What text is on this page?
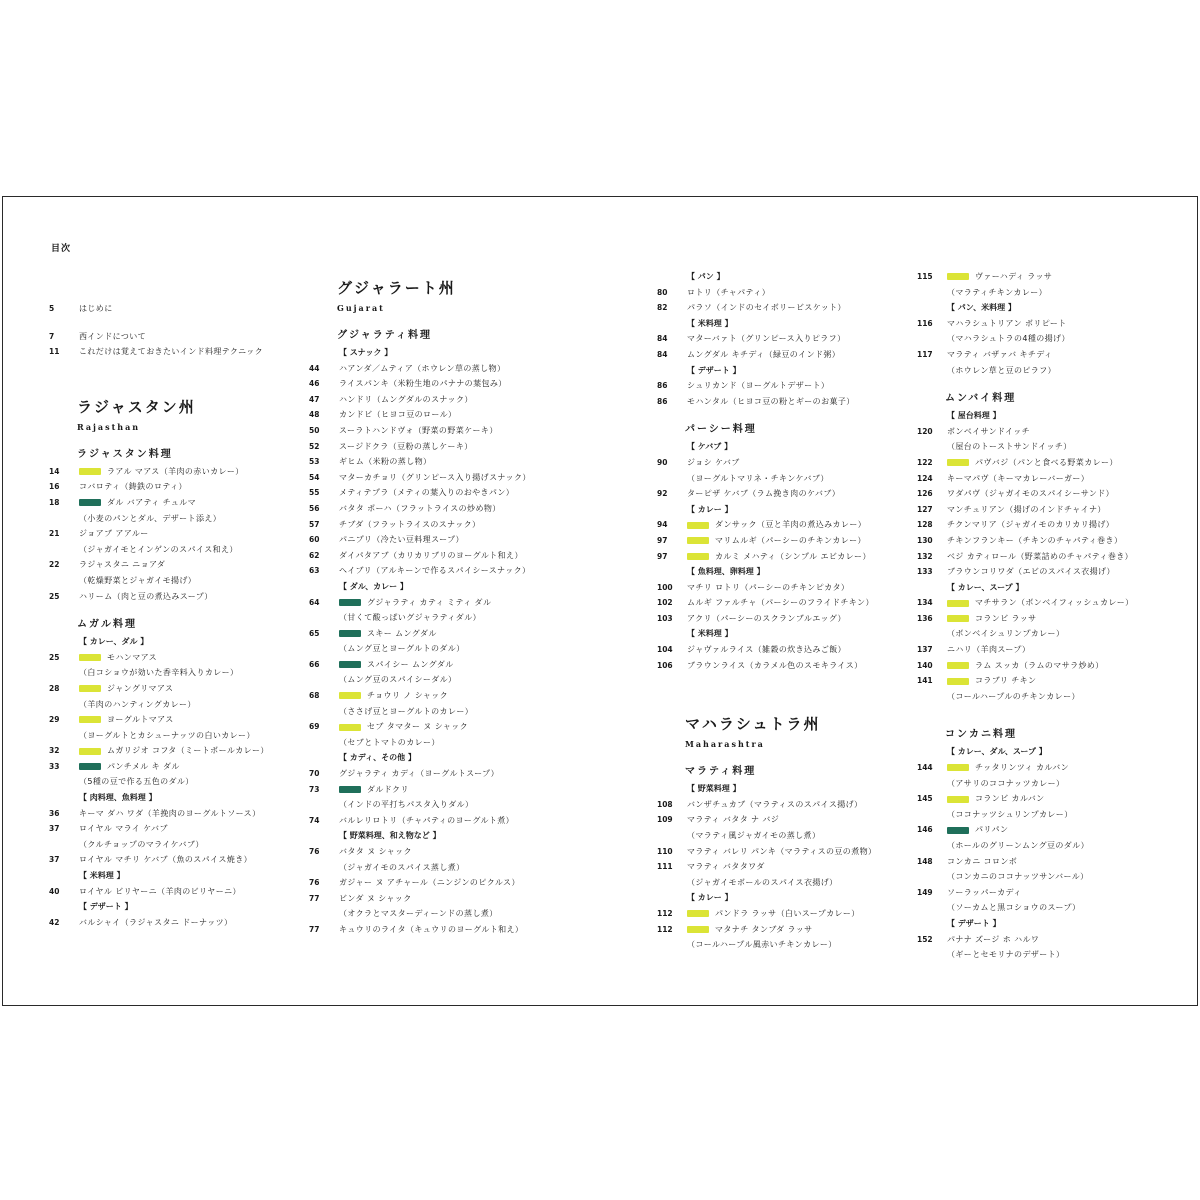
目次
5	はじめに
7	西インドについて
11	これだけは覚えておきたいインド料理テクニック
ラジャスタン州
Rajasthan
ラジャスタン料理
14	ラアル マアス（羊肉の赤いカレー）
16	コバロティ（鋳鉄のロティ）
18	ダル バアティ チュルマ
（小麦のパンとダル、デザート添え）
21	ジョアブ アアルー
（ジャガイモとインゲンのスパイス和え）
22	ラジャスタニ ニョアダ
（乾燥野菜とジャガイモ揚げ）
25	ハリーム（肉と豆の煮込みスープ）
ムガル料理
【 カレー、ダル 】
25	モハンマアス
（白コショウが効いた香辛料入りカレー）
28	ジャングリマアス
（羊肉のハンティングカレー）
29	ヨーグルトマアス
（ヨーグルトとカシューナッツの白いカレー）
32	ムガリジオ コフタ（ミートボールカレー）
33	パンチメル キ ダル
（5種の豆で作る五色のダル）
【 肉料理、魚料理 】
36	キーマ ダハ ワダ（羊挽肉のヨーグルトソース）
37	ロイヤル マライ ケバブ
（クルチョップのマライケバブ）
37	ロイヤル マチリ ケバブ（魚のスパイス焼き）
【 米料理 】
40	ロイヤル ビリヤーニ（羊肉のビリヤーニ）
【 デザート 】
42	バルシャイ（ラジャスタニ ドーナッツ）
グジャラート州
Gujarat
グジャラティ料理
【 スナック 】
44	ハアンダ／ムティア（ホウレン草の蒸し物）
46	ライスパンキ（米粉生地のパナナの葉包み）
47	ハンドリ（ムングダルのスナック）
48	カンドビ（ヒヨコ豆のロール）
50	スーラトハンドヴォ（野菜の野菜ケーキ）
52	スージドクラ（豆粉の蒸しケーキ）
53	ギヒム（米粉の蒸し物）
54	マターカチョリ（グリンピース入り揚げスナック）
55	メティテプラ（メティの葉入りのおやきパン）
56	バタタ ポーハ（フラットライスの炒め物）
57	チブダ（フラットライスのスナック）
60	パニプリ（冷たい豆料理スープ）
62	ダイパタアブ（カリカリブリのヨーグルト和え）
63	ヘイブリ（アルキーンで作るスパイシースナック）
【 ダル、カレー 】
64	グジャラティ カティ ミティ ダル
（甘くて酸っぱいグジャラティダル）
65	スキー ムングダル
（ムング豆とヨーグルトのダル）
66	スパイシー ムングダル
（ムング豆のスパイシーダル）
68	チョウリ ノ シャック
（ささげ豆とヨーグルトのカレー）
69	セブ タマター ヌ シャック
（セブとトマトのカレー）
【 カディ、その他 】
70	グジャラティ カディ（ヨーグルトスープ）
73	ダルドクリ
（インドの平打ちパスタ入りダル）
74	バルレリロトリ（チャパティのヨーグルト煮）
【 野菜料理、和え物など 】
76	バタタ ヌ シャック
（ジャガイモのスパイス蒸し煮）
76	ガジャー ヌ アチャール（ニンジンのピクルス）
77	ビンダ ヌ シャック
（オクラとマスターディーンドの蒸し煮）
77	キュウリのライタ（キュウリのヨーグルト和え）
【 パン 】
80	ロトリ（チャパティ）
82	パラソ（インドのセイボリービスケット）
【 米料理 】
84	マターバァト（グリンピース入りピラフ）
84	ムングダル キチディ（緑豆のインド粥）
【 デザート 】
86	シュリカンド（ヨーグルトデザート）
86	モハンタル（ヒヨコ豆の粉とギーのお菓子）
パーシー料理
【 ケバブ 】
90	ジョシ ケバブ
（ヨーグルトマリネ・チキンケバブ）
92	ターピザ ケバブ（ラム挽き肉のケバブ）
【 カレー 】
94	ダンサック（豆と羊肉の煮込みカレー）
97	マリムルギ（パーシーのチキンカレー）
97	カルミ メハティ（シンプル エビカレー）
【 魚料理、卵料理 】
100	マチリ ロトリ（パーシーのチキンピカタ）
102	ムルギ ファルチャ（パーシーのフライドチキン）
103	アクリ（パーシーのスクランブルエッグ）
【 米料理 】
104	ジャヴァルライス（雑穀の炊き込みご飯）
106	ブラウンライス（カラメル色のスモキライス）
マハラシュトラ州
Maharashtra
マラティ料理
【 野菜料理 】
108	バンザチュカブ（マラティスのスパイス揚げ）
109	マラティ バタタ ナ バジ
（マラティ風ジャガイモの蒸し煮）
110	マラティ バレリ パンキ（マラティスの豆の煮物）
111	マラティ バタタワダ
（ジャガイモボールのスパイス衣揚げ）
【 カレー 】
112	パンドラ ラッサ（白いスープカレー）
112	マタナチ タンブダ ラッサ
（コールハープル風赤いチキンカレー）
115	ヴァーハディ ラッサ
（マラティチキンカレー）
【 パン、米料理 】
116	マハラシュトリアン ボリピート
（マハラシュトラの4種の揚げ）
117	マラティ バザァバ キチディ
（ホウレン草と豆のピラフ）
ムンバイ料理
【 屋台料理 】
120	ボンベイサンドイッチ
（屋台のトーストサンドイッチ）
122	パヴバジ（パンと食べる野菜カレー）
124	キーマパヴ（キーマカレーバーガー）
126	ワダパヴ（ジャガイモのスパイシーサンド）
127	マンチュリアン（揚げのインドチャイナ）
128	チクンマリア（ジャガイモのカリカリ揚げ）
130	チキンフランキー（チキンのチャパティ巻き）
132	ベジ カティロール（野菜詰めのチャパティ巻き）
133	ブラウンコリワダ（エビのスパイス衣揚げ）
【 カレー、スープ 】
134	マチサラン（ボンベイフィッシュカレー）
136	コランビ ラッサ
（ボンベイシュリンプカレー）
137	ニハリ（羊肉スープ）
140	ラム スッカ（ラムのマサラ炒め）
141	コラブリ チキン
（コールハープルのチキンカレー）
コンカニ料理
【 カレー、ダル、スープ 】
144	チッタリンツィ カルバン
（アサリのココナッツカレー）
145	コランビ カルバン
（ココナッツシュリンプカレー）
146	パリパン
（ホールのグリーンムング豆のダル）
148	コンカニ コロンボ
（コンカニのココナッツサンバール）
149	ソーラッパーカディ
（ソーカムと黒コショウのスープ）
【 デザート 】
152	パナナ ズージ ホ ハルワ
（ギーとセモリナのデザート）
